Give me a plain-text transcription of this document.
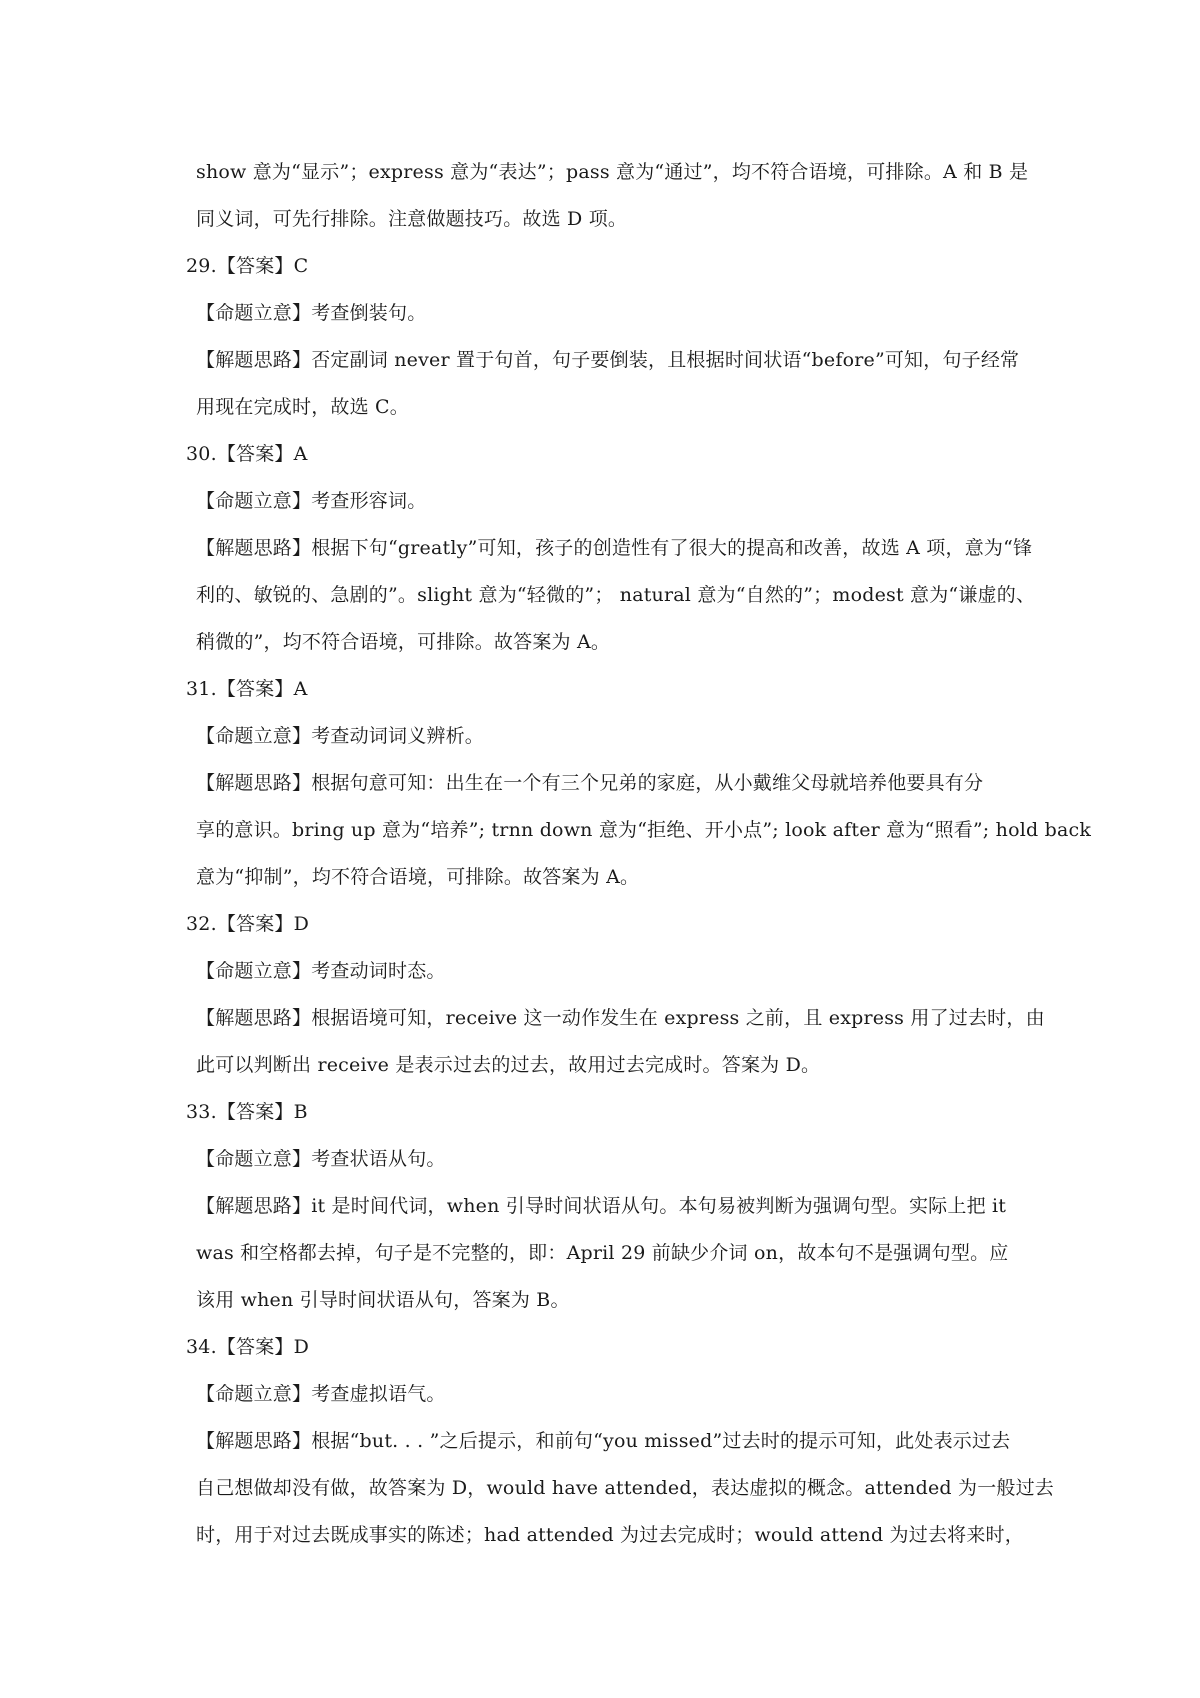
show 意为“显示”；express 意为“表达”；pass 意为“通过”，均不符合语境，可排除。A 和 B 是
同义词，可先行排除。注意做题技巧。故选 D 项。
29.【答案】C
【命题立意】考查倒装句。
【解题思路】否定副词 never 置于句首，句子要倒装，且根据时间状语“before”可知，句子经常
用现在完成时，故选 C。
30.【答案】A
【命题立意】考查形容词。
【解题思路】根据下句“greatly”可知，孩子的创造性有了很大的提高和改善，故选 A 项，意为“锋
利的、敏锐的、急剧的”。slight 意为“轻微的”； natural 意为“自然的”；modest 意为“谦虚的、
稍微的”，均不符合语境，可排除。故答案为 A。
31.【答案】A
【命题立意】考查动词词义辨析。
【解题思路】根据句意可知：出生在一个有三个兄弟的家庭，从小戴维父母就培养他要具有分
享的意识。bring up 意为“培养”; trnn down 意为“拒绝、开小点”; look after 意为“照看”; hold back
意为“抑制”，均不符合语境，可排除。故答案为 A。
32.【答案】D
【命题立意】考查动词时态。
【解题思路】根据语境可知，receive 这一动作发生在 express 之前，且 express 用了过去时，由
此可以判断出 receive 是表示过去的过去，故用过去完成时。答案为 D。
33.【答案】B
【命题立意】考查状语从句。
【解题思路】it 是时间代词，when 引导时间状语从句。本句易被判断为强调句型。实际上把 it
was 和空格都去掉，句子是不完整的，即：April 29 前缺少介词 on，故本句不是强调句型。应
该用 when 引导时间状语从句，答案为 B。
34.【答案】D
【命题立意】考查虚拟语气。
【解题思路】根据“but. . . ”之后提示，和前句“you missed”过去时的提示可知，此处表示过去
自己想做却没有做，故答案为 D，would have attended，表达虚拟的概念。attended 为一般过去
时，用于对过去既成事实的陈述；had attended 为过去完成时；would attend 为过去将来时，
